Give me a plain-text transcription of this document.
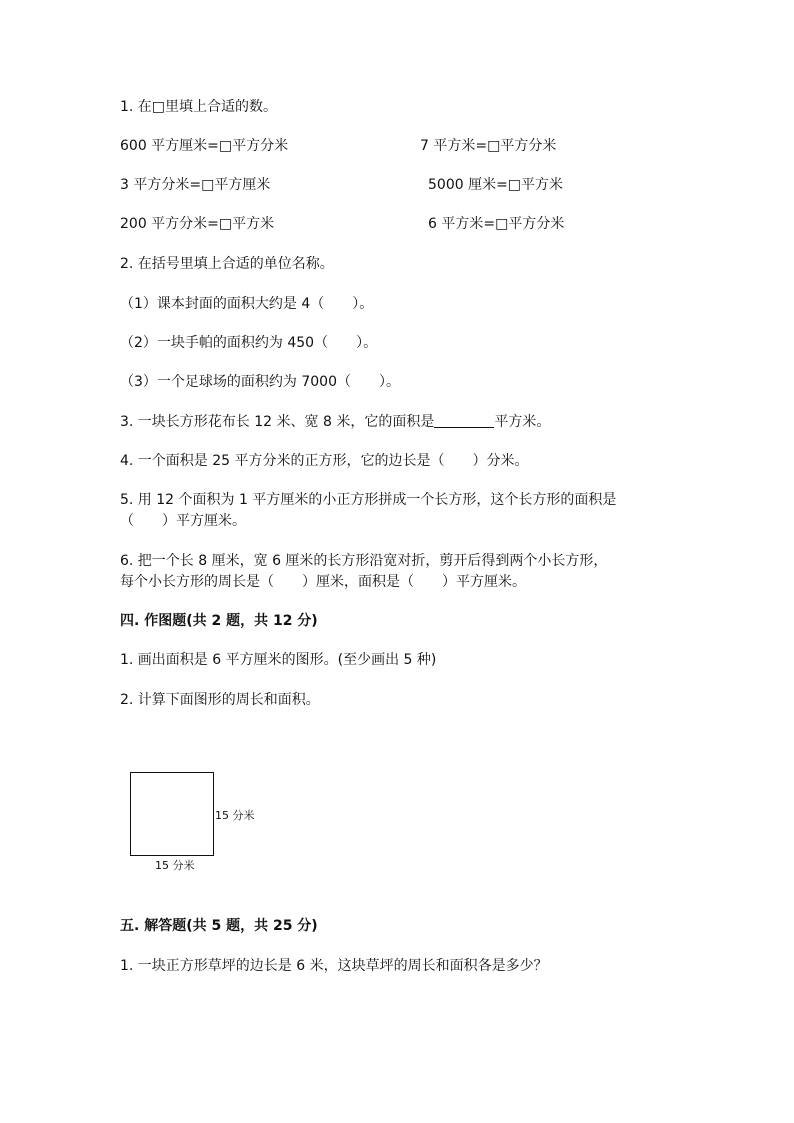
1. 在□里填上合适的数。
600 平方厘米=□平方分米	7 平方米=□平方分米
3 平方分米=□平方厘米	5000 厘米=□平方米
200 平方分米=□平方米	6 平方米=□平方分米
2. 在括号里填上合适的单位名称。
（1）课本封面的面积大约是 4（　　）。
（2）一块手帕的面积约为 450（　　）。
（3）一个足球场的面积约为 7000（　　）。
3. 一块长方形花布长 12 米、宽 8 米，它的面积是	平方米。
4. 一个面积是 25 平方分米的正方形，它的边长是（　　）分米。
5. 用 12 个面积为 1 平方厘米的小正方形拼成一个长方形，这个长方形的面积是
（　　）平方厘米。
6. 把一个长 8 厘米，宽 6 厘米的长方形沿宽对折，剪开后得到两个小长方形，
每个小长方形的周长是（　　）厘米，面积是（　　）平方厘米。
四. 作图题(共 2 题，共 12 分)
1. 画出面积是 6 平方厘米的图形。(至少画出 5 种)
2. 计算下面图形的周长和面积。
15 分米
15 分米
五. 解答题(共 5 题，共 25 分)
1. 一块正方形草坪的边长是 6 米，这块草坪的周长和面积各是多少？
